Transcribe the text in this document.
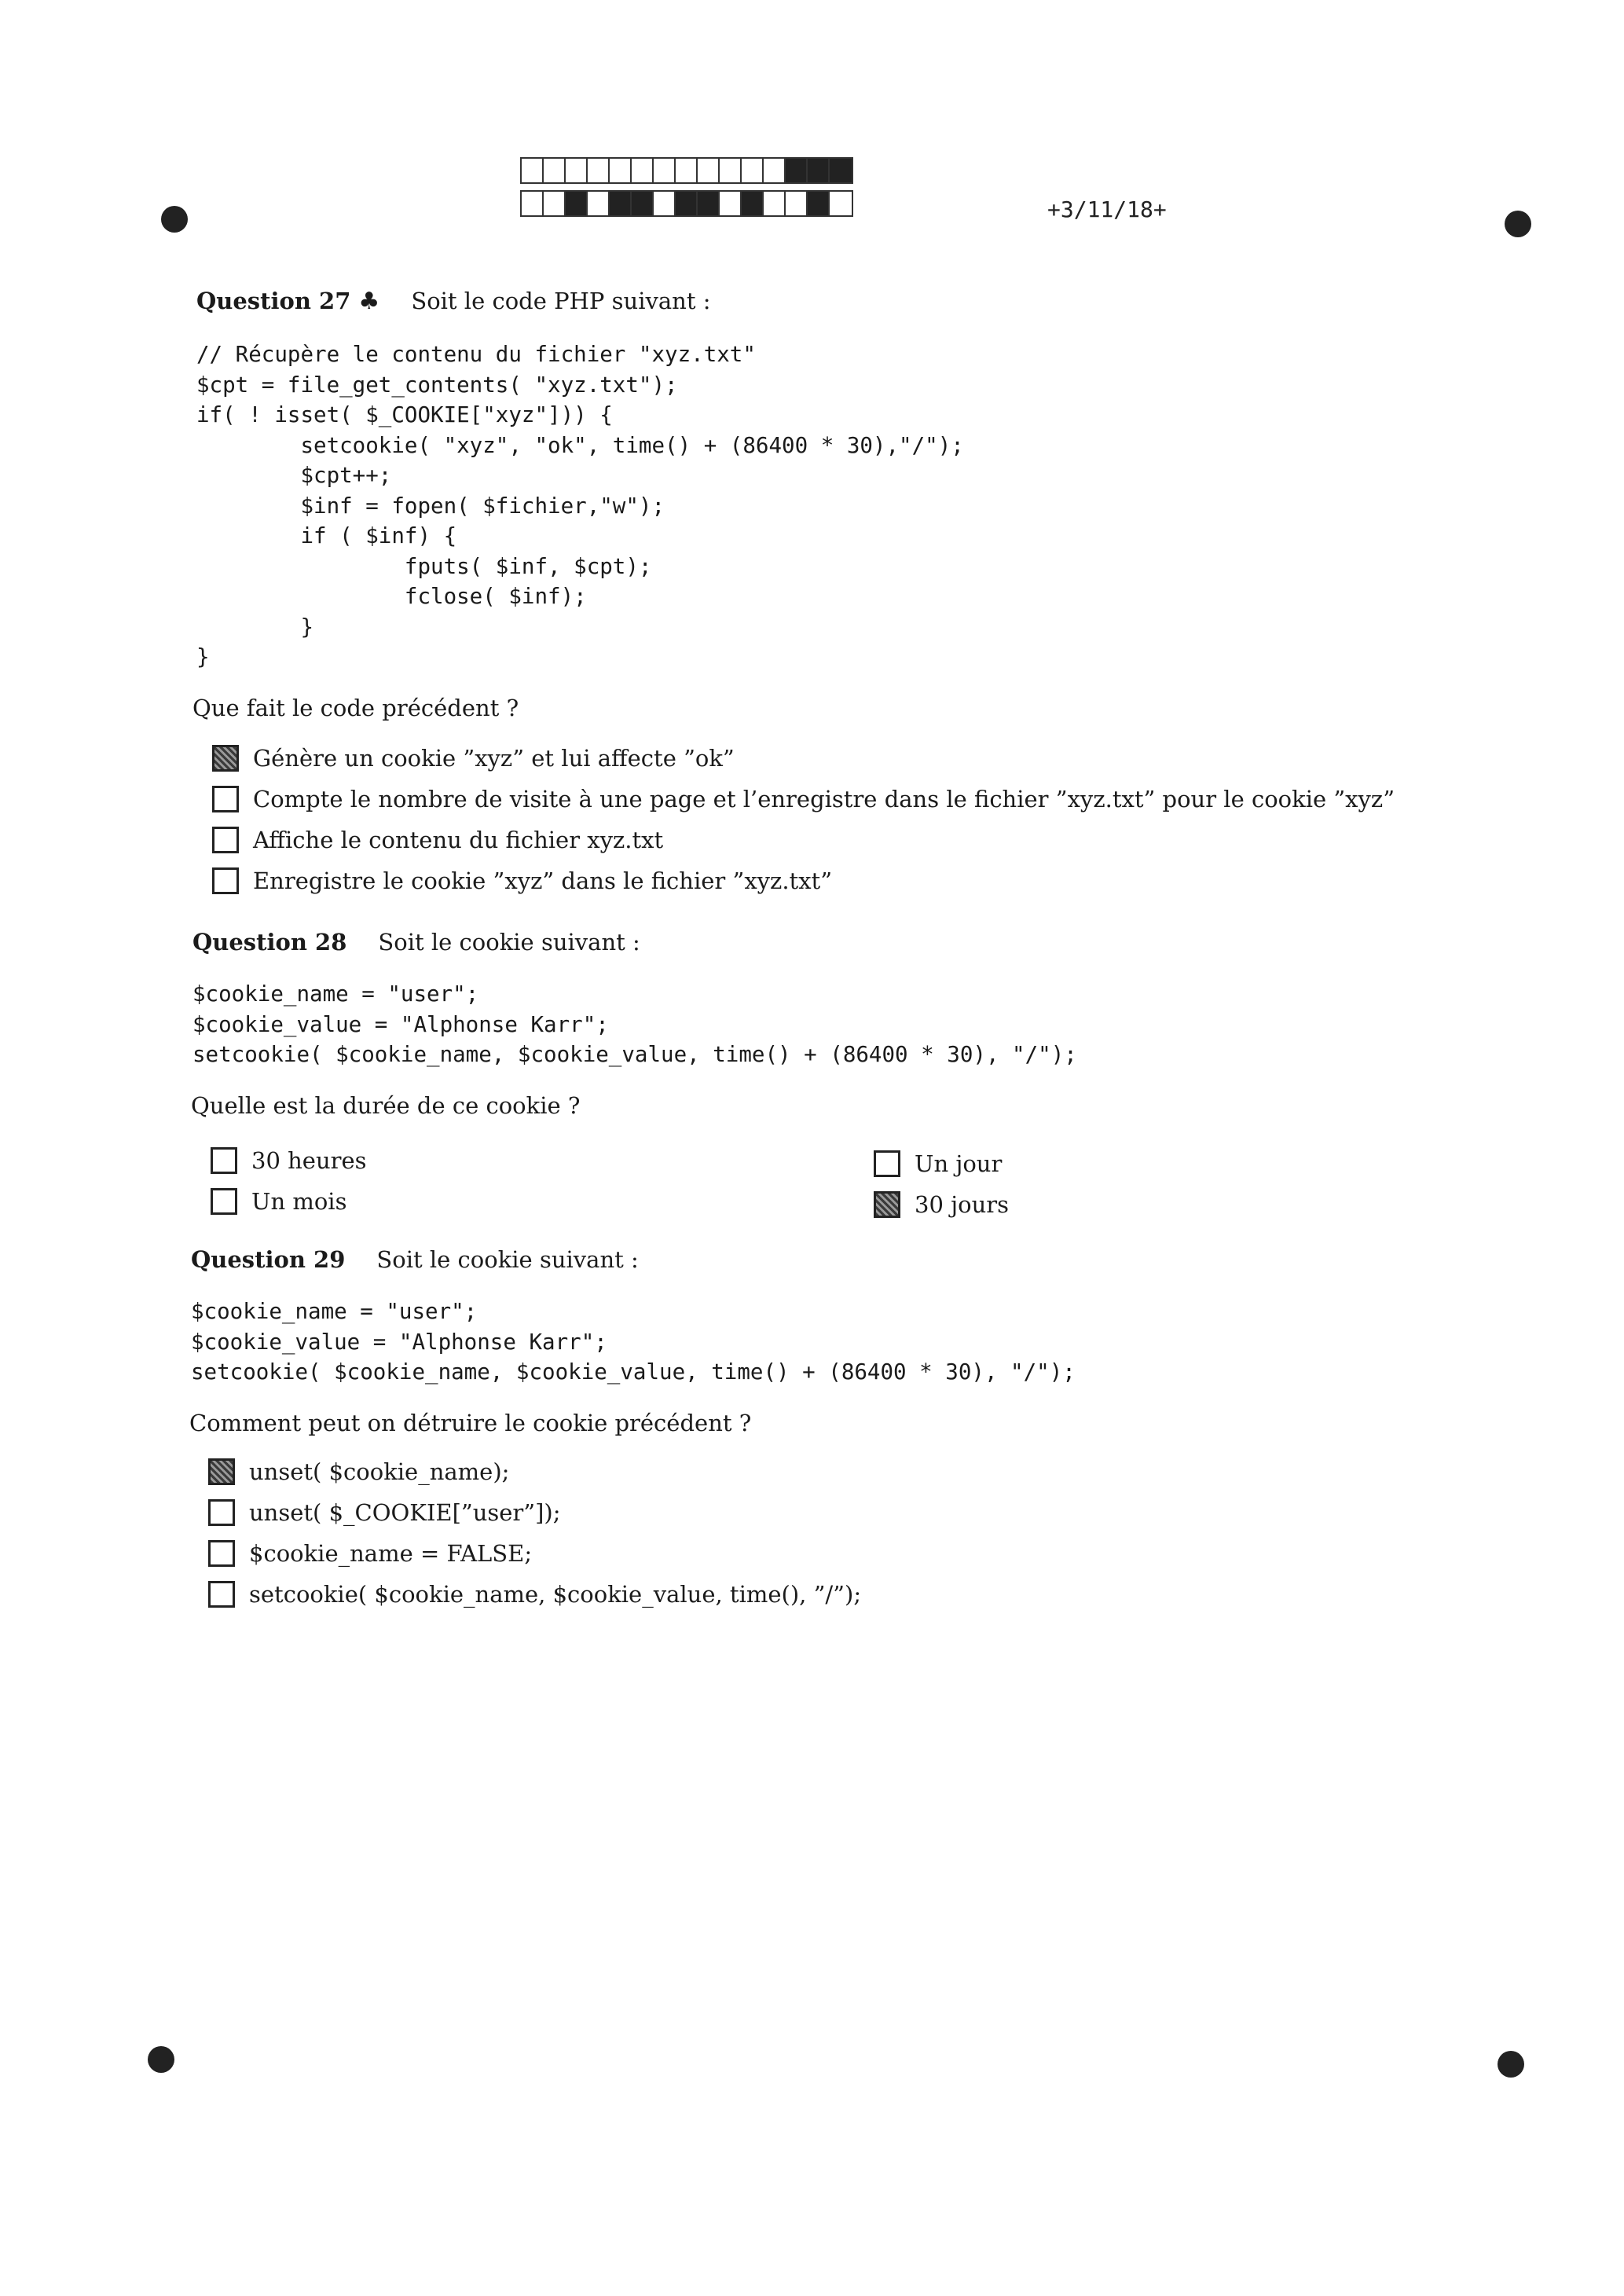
+3/11/18+
Question 27 ♣ Soit le code PHP suivant :
// Récupère le contenu du fichier "xyz.txt"
$cpt = file_get_contents( "xyz.txt");
if( ! isset( $_COOKIE["xyz"])) {
setcookie( "xyz", "ok", time() + (86400 * 30),"/");
$cpt++;
$inf = fopen( $fichier,"w");
if ( $inf) {
fputs( $inf, $cpt);
fclose( $inf);
}
}
Que fait le code précédent ?
Génère un cookie ”xyz” et lui affecte ”ok”
Compte le nombre de visite à une page et l’enregistre dans le fichier ”xyz.txt” pour le cookie ”xyz”
Affiche le contenu du fichier xyz.txt
Enregistre le cookie ”xyz” dans le fichier ”xyz.txt”
Question 28 Soit le cookie suivant :
$cookie_name = "user";
$cookie_value = "Alphonse Karr";
setcookie( $cookie_name, $cookie_value, time() + (86400 * 30), "/");
Quelle est la durée de ce cookie ?
30 heures
Un mois
Un jour
30 jours
Question 29 Soit le cookie suivant :
$cookie_name = "user";
$cookie_value = "Alphonse Karr";
setcookie( $cookie_name, $cookie_value, time() + (86400 * 30), "/");
Comment peut on détruire le cookie précédent ?
unset( $cookie_name);
unset( $_COOKIE[”user”]);
$cookie_name = FALSE;
setcookie( $cookie_name, $cookie_value, time(), ”/”);
